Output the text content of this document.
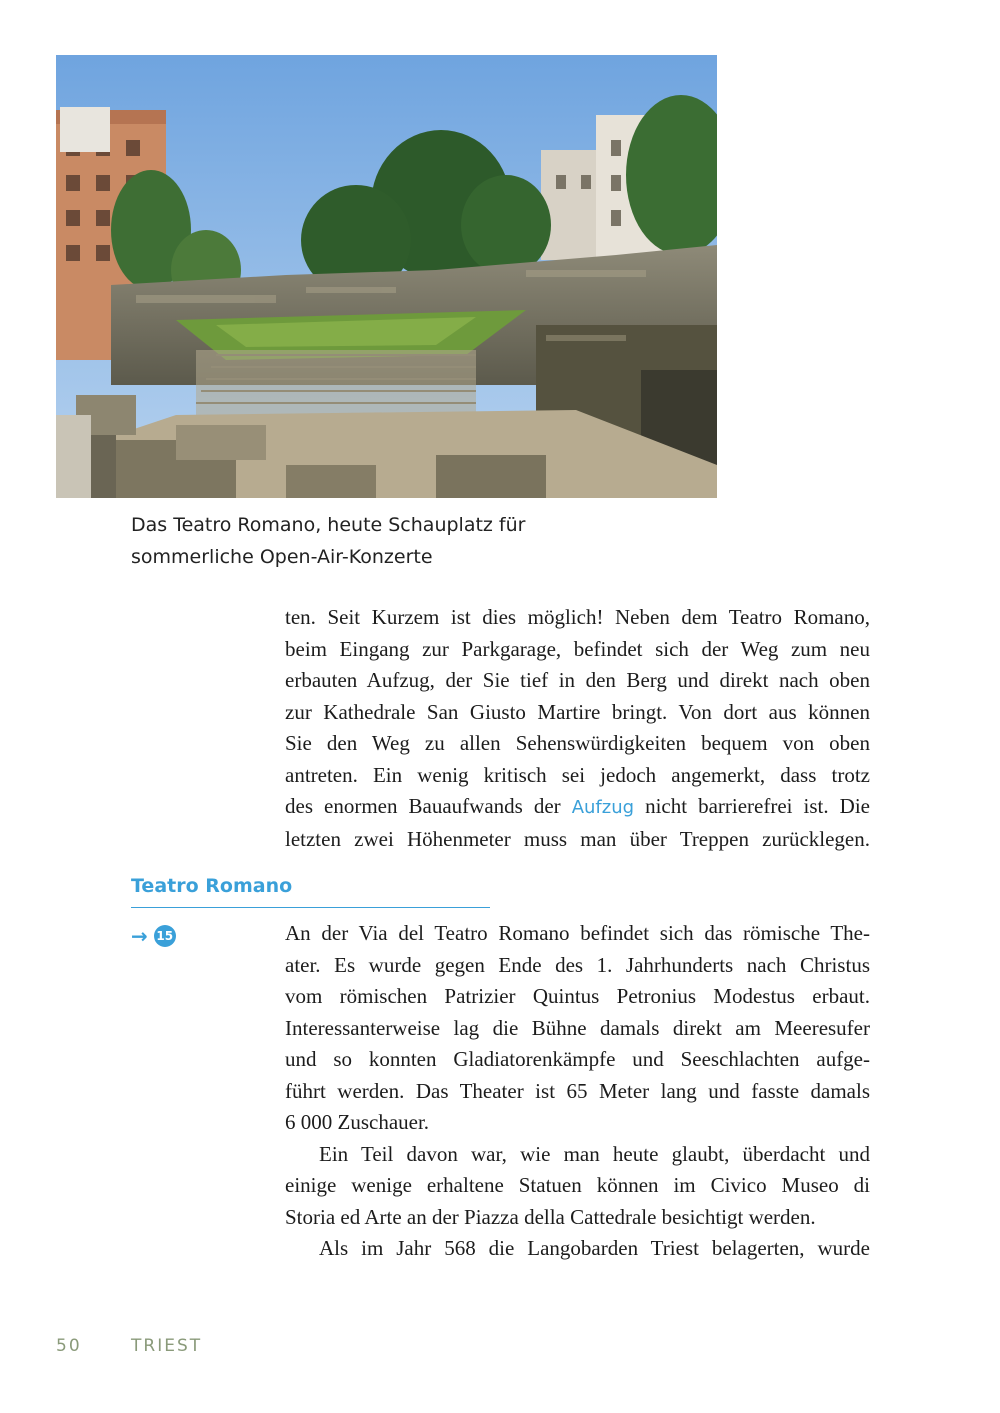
Das Teatro Romano, heute Schauplatz für
sommerliche Open-Air-Konzerte
ten. Seit Kurzem ist dies möglich! Neben dem Teatro Romano,
beim Eingang zur Parkgarage, befindet sich der Weg zum neu
erbauten Aufzug, der Sie tief in den Berg und direkt nach oben
zur Kathedrale San Giusto Martire bringt. Von dort aus können
Sie den Weg zu allen Sehenswürdigkeiten bequem von oben
antreten. Ein wenig kritisch sei jedoch angemerkt, dass trotz
des enormen Bauaufwands der Aufzug nicht barrierefrei ist. Die
letzten zwei Höhenmeter muss man über Treppen zurücklegen.
Teatro Romano
→ 15	An der Via del Teatro Romano befindet sich das römische The-
ater. Es wurde gegen Ende des 1. Jahrhunderts nach Christus
vom römischen Patrizier Quintus Petronius Modestus erbaut.
Interessanterweise lag die Bühne damals direkt am Meeresufer
und so konnten Gladiatorenkämpfe und Seeschlachten aufge-
führt werden. Das Theater ist 65 Meter lang und fasste damals
6 000 Zuschauer.
Ein Teil davon war, wie man heute glaubt, überdacht und
einige wenige erhaltene Statuen können im Civico Museo di
Storia ed Arte an der Piazza della Cattedrale besichtigt werden.
Als im Jahr 568 die Langobarden Triest belagerten, wurde
50	TRIEST
